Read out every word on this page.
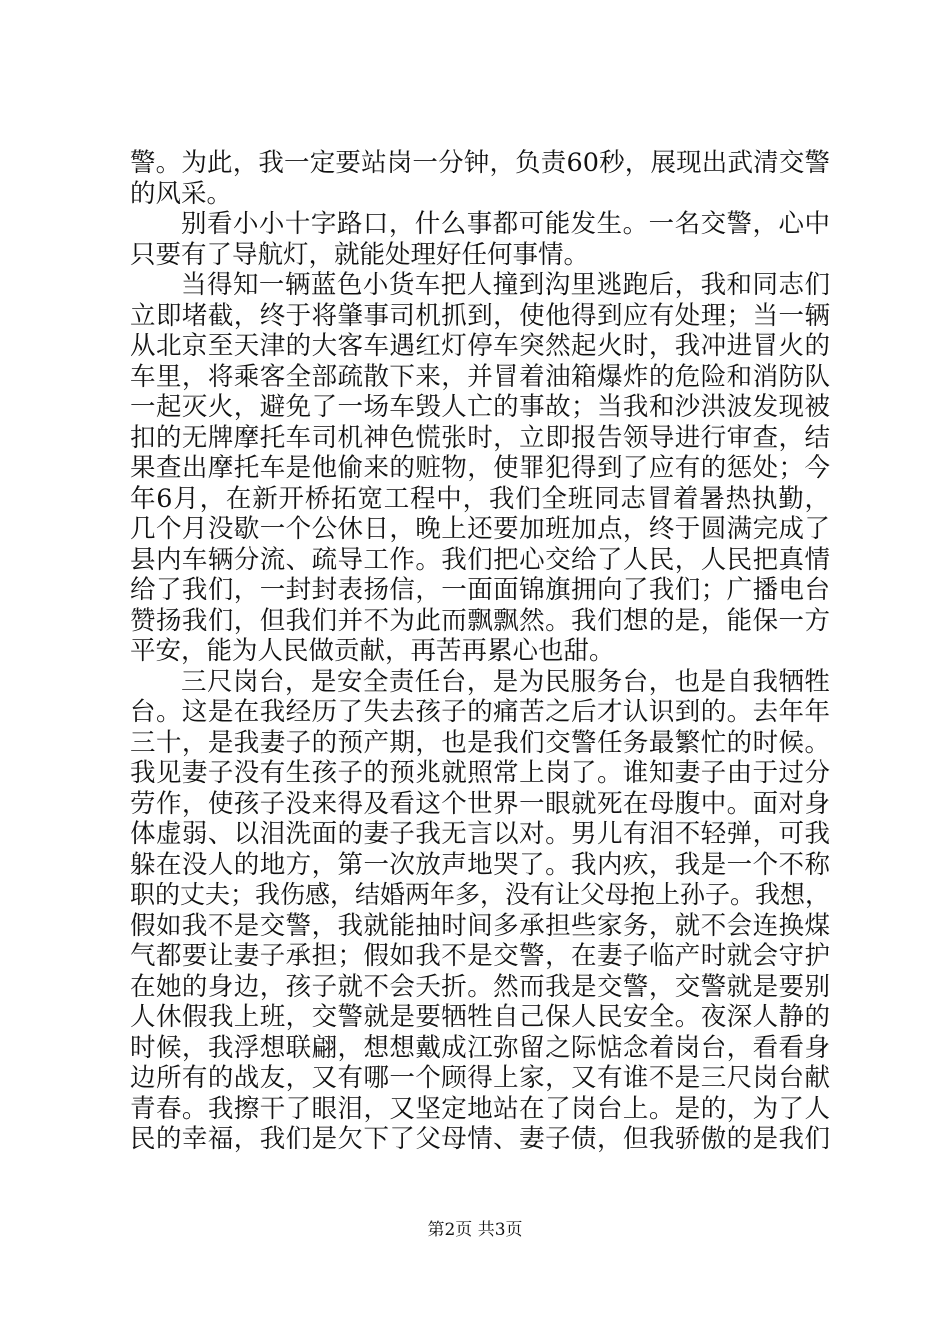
警。为此，我一定要站岗一分钟，负责60秒，展现出武清交警
的风采。
别看小小十字路口，什么事都可能发生。一名交警，心中
只要有了导航灯，就能处理好任何事情。
当得知一辆蓝色小货车把人撞到沟里逃跑后，我和同志们
立即堵截，终于将肇事司机抓到，使他得到应有处理；当一辆
从北京至天津的大客车遇红灯停车突然起火时，我冲进冒火的
车里，将乘客全部疏散下来，并冒着油箱爆炸的危险和消防队
一起灭火，避免了一场车毁人亡的事故；当我和沙洪波发现被
扣的无牌摩托车司机神色慌张时，立即报告领导进行审查，结
果查出摩托车是他偷来的赃物，使罪犯得到了应有的惩处；今
年6月，在新开桥拓宽工程中，我们全班同志冒着暑热执勤，
几个月没歇一个公休日，晚上还要加班加点，终于圆满完成了
县内车辆分流、疏导工作。我们把心交给了人民，人民把真情
给了我们，一封封表扬信，一面面锦旗拥向了我们；广播电台
赞扬我们，但我们并不为此而飘飘然。我们想的是，能保一方
平安，能为人民做贡献，再苦再累心也甜。
三尺岗台，是安全责任台，是为民服务台，也是自我牺牲
台。这是在我经历了失去孩子的痛苦之后才认识到的。去年年
三十，是我妻子的预产期，也是我们交警任务最繁忙的时候。
我见妻子没有生孩子的预兆就照常上岗了。谁知妻子由于过分
劳作，使孩子没来得及看这个世界一眼就死在母腹中。面对身
体虚弱、以泪洗面的妻子我无言以对。男儿有泪不轻弹，可我
躲在没人的地方，第一次放声地哭了。我内疚，我是一个不称
职的丈夫；我伤感，结婚两年多，没有让父母抱上孙子。我想，
假如我不是交警，我就能抽时间多承担些家务，就不会连换煤
气都要让妻子承担；假如我不是交警，在妻子临产时就会守护
在她的身边，孩子就不会夭折。然而我是交警，交警就是要别
人休假我上班，交警就是要牺牲自己保人民安全。夜深人静的
时候，我浮想联翩，想想戴成江弥留之际惦念着岗台，看看身
边所有的战友，又有哪一个顾得上家，又有谁不是三尺岗台献
青春。我擦干了眼泪，又坚定地站在了岗台上。是的，为了人
民的幸福，我们是欠下了父母情、妻子债，但我骄傲的是我们
第2页 共3页
